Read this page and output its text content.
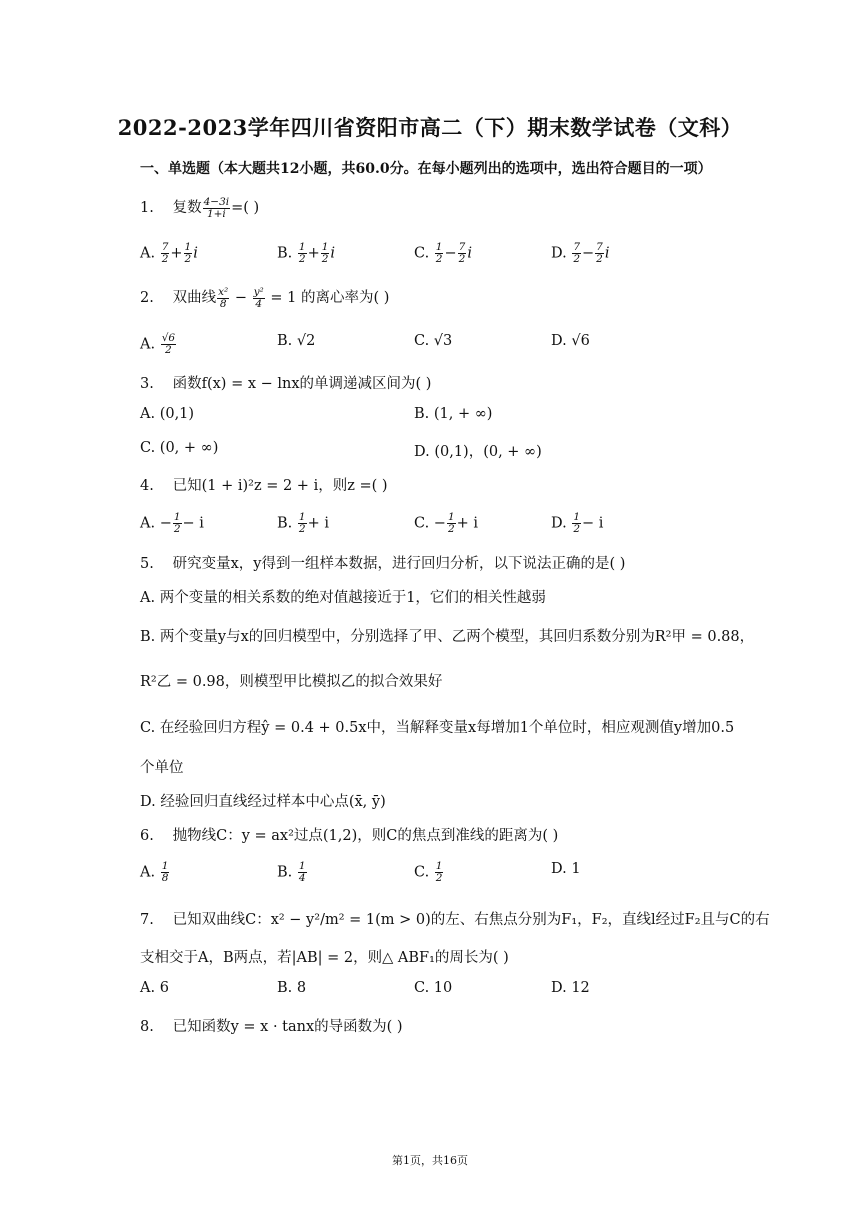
2022-2023学年四川省资阳市高二（下）期末数学试卷（文科）
一、单选题（本大题共12小题，共60.0分。在每小题列出的选项中，选出符合题目的一项）
1. 复数 $\frac{4-3i}{1+i}$ =( )
A. $\frac{7}{2} + \frac{1}{2}$ i	B. $\frac{1}{2} + \frac{1}{2}$ i	C. $\frac{1}{2} - \frac{7}{2}$ i	D. $\frac{7}{2} - \frac{7}{2}$ i
2. 双曲线 $\frac{\text{x²}}{8} - \frac{\text{y²}}{4} = 1$ 的离心率为( )
A. $\frac{√6}{2}$	B. √2	C. √3	D. √6
3. 函数f(x) = x − lnx的单调递减区间为( )
A. (0,1)	B. (1, + ∞)
C. (0, + ∞)	D. (0,1)，(0, + ∞)
4. 已知(1 + i)²z = 2 + i，则z =( )
A. − $\frac{1}{2} - i$	B. $\frac{1}{2} + i$	C. − $\frac{1}{2} + i$	D. $\frac{1}{2} - i$
5. 研究变量x，y得到一组样本数据，进行回归分析，以下说法正确的是( )
A. 两个变量的相关系数的绝对值越接近于1，它们的相关性越弱
B. 两个变量y与x的回归模型中，分别选择了甲、乙两个模型，其回归系数分别为R²甲 = 0.88，
R²乙 = 0.98，则模型甲比模拟乙的拟合效果好
C. 在经验回归方程ŷ = 0.4 + 0.5x中，当解释变量x每增加1个单位时，相应观测值y增加0.5
个单位
D. 经验回归直线经过样本中心点(x̄, ȳ)
6. 抛物线C：y = ax²过点(1,2)，则C的焦点到准线的距离为( )
A. $\frac{1}{8}$	B. $\frac{1}{4}$	C. $\frac{1}{2}$	D. 1
7. 已知双曲线C：x² − y²/m² = 1(m > 0)的左、右焦点分别为F₁，F₂，直线l经过F₂且与C的右
支相交于A，B两点，若|AB| = 2，则△ ABF₁的周长为( )
A. 6	B. 8	C. 10	D. 12
8. 已知函数y = x · tanx的导函数为( )
第1页，共16页
